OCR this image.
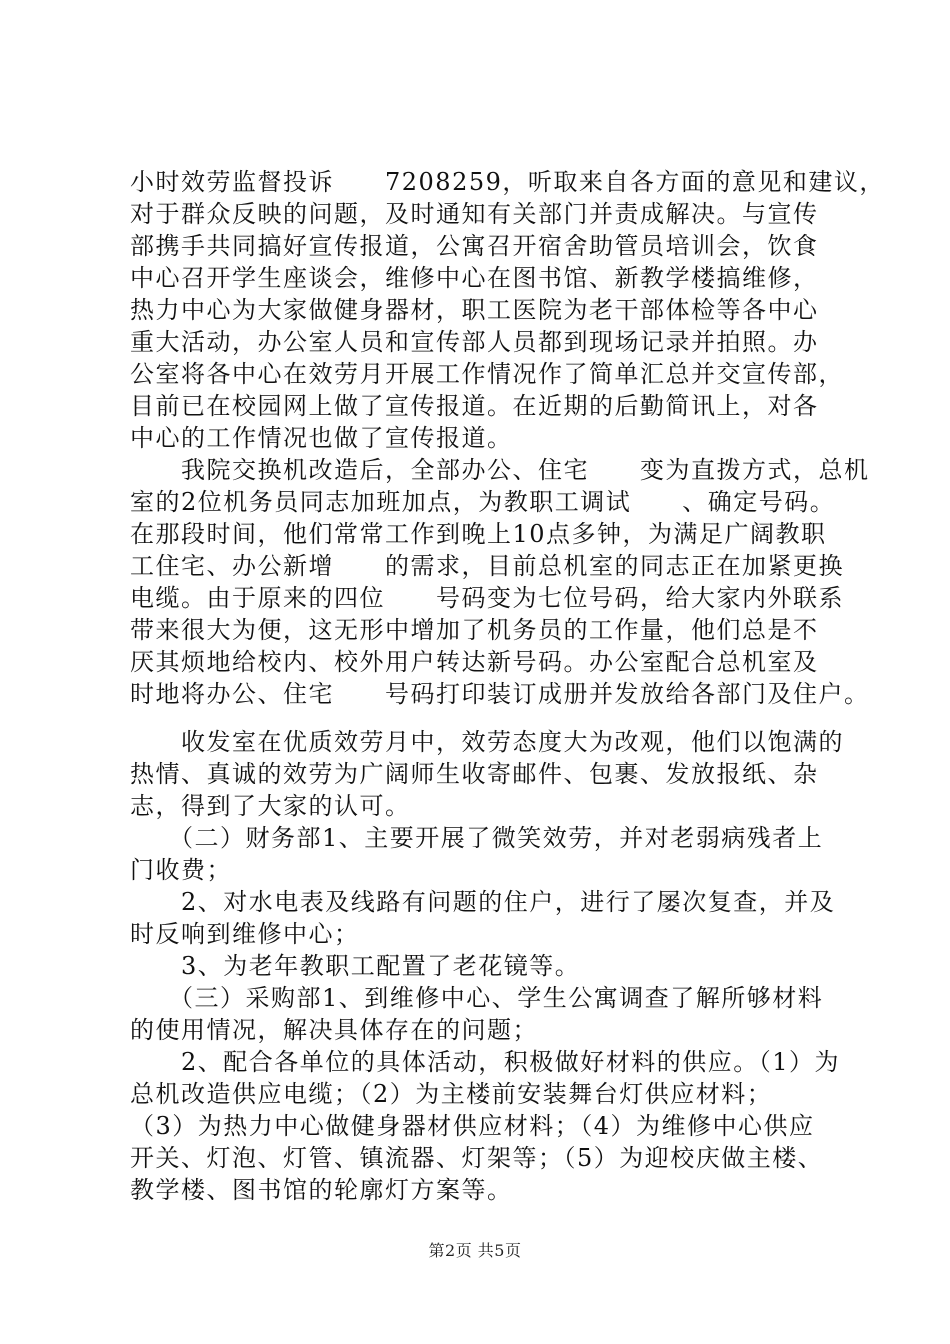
小时效劳监督投诉　　7208259，听取来自各方面的意见和建议，
对于群众反映的问题，及时通知有关部门并责成解决。与宣传
部携手共同搞好宣传报道，公寓召开宿舍助管员培训会，饮食
中心召开学生座谈会，维修中心在图书馆、新教学楼搞维修，
热力中心为大家做健身器材，职工医院为老干部体检等各中心
重大活动，办公室人员和宣传部人员都到现场记录并拍照。办
公室将各中心在效劳月开展工作情况作了简单汇总并交宣传部，
目前已在校园网上做了宣传报道。在近期的后勤简讯上，对各
中心的工作情况也做了宣传报道。
　　我院交换机改造后，全部办公、住宅　　变为直拨方式，总机
室的2位机务员同志加班加点，为教职工调试　　、确定号码。
在那段时间，他们常常工作到晚上10点多钟，为满足广阔教职
工住宅、办公新增　　的需求，目前总机室的同志正在加紧更换
电缆。由于原来的四位　　号码变为七位号码，给大家内外联系
带来很大为便，这无形中增加了机务员的工作量，他们总是不
厌其烦地给校内、校外用户转达新号码。办公室配合总机室及
时地将办公、住宅　　号码打印装订成册并发放给各部门及住户。
　　收发室在优质效劳月中，效劳态度大为改观，他们以饱满的
热情、真诚的效劳为广阔师生收寄邮件、包裹、发放报纸、杂
志，得到了大家的认可。
　　（二）财务部1、主要开展了微笑效劳，并对老弱病残者上
门收费；
　　2、对水电表及线路有问题的住户，进行了屡次复查，并及
时反响到维修中心；
　　3、为老年教职工配置了老花镜等。
　　（三）采购部1、到维修中心、学生公寓调查了解所够材料
的使用情况，解决具体存在的问题；
　　2、配合各单位的具体活动，积极做好材料的供应。（1）为
总机改造供应电缆；（2）为主楼前安装舞台灯供应材料；
（3）为热力中心做健身器材供应材料；（4）为维修中心供应
开关、灯泡、灯管、镇流器、灯架等；（5）为迎校庆做主楼、
教学楼、图书馆的轮廓灯方案等。
第2页 共5页
